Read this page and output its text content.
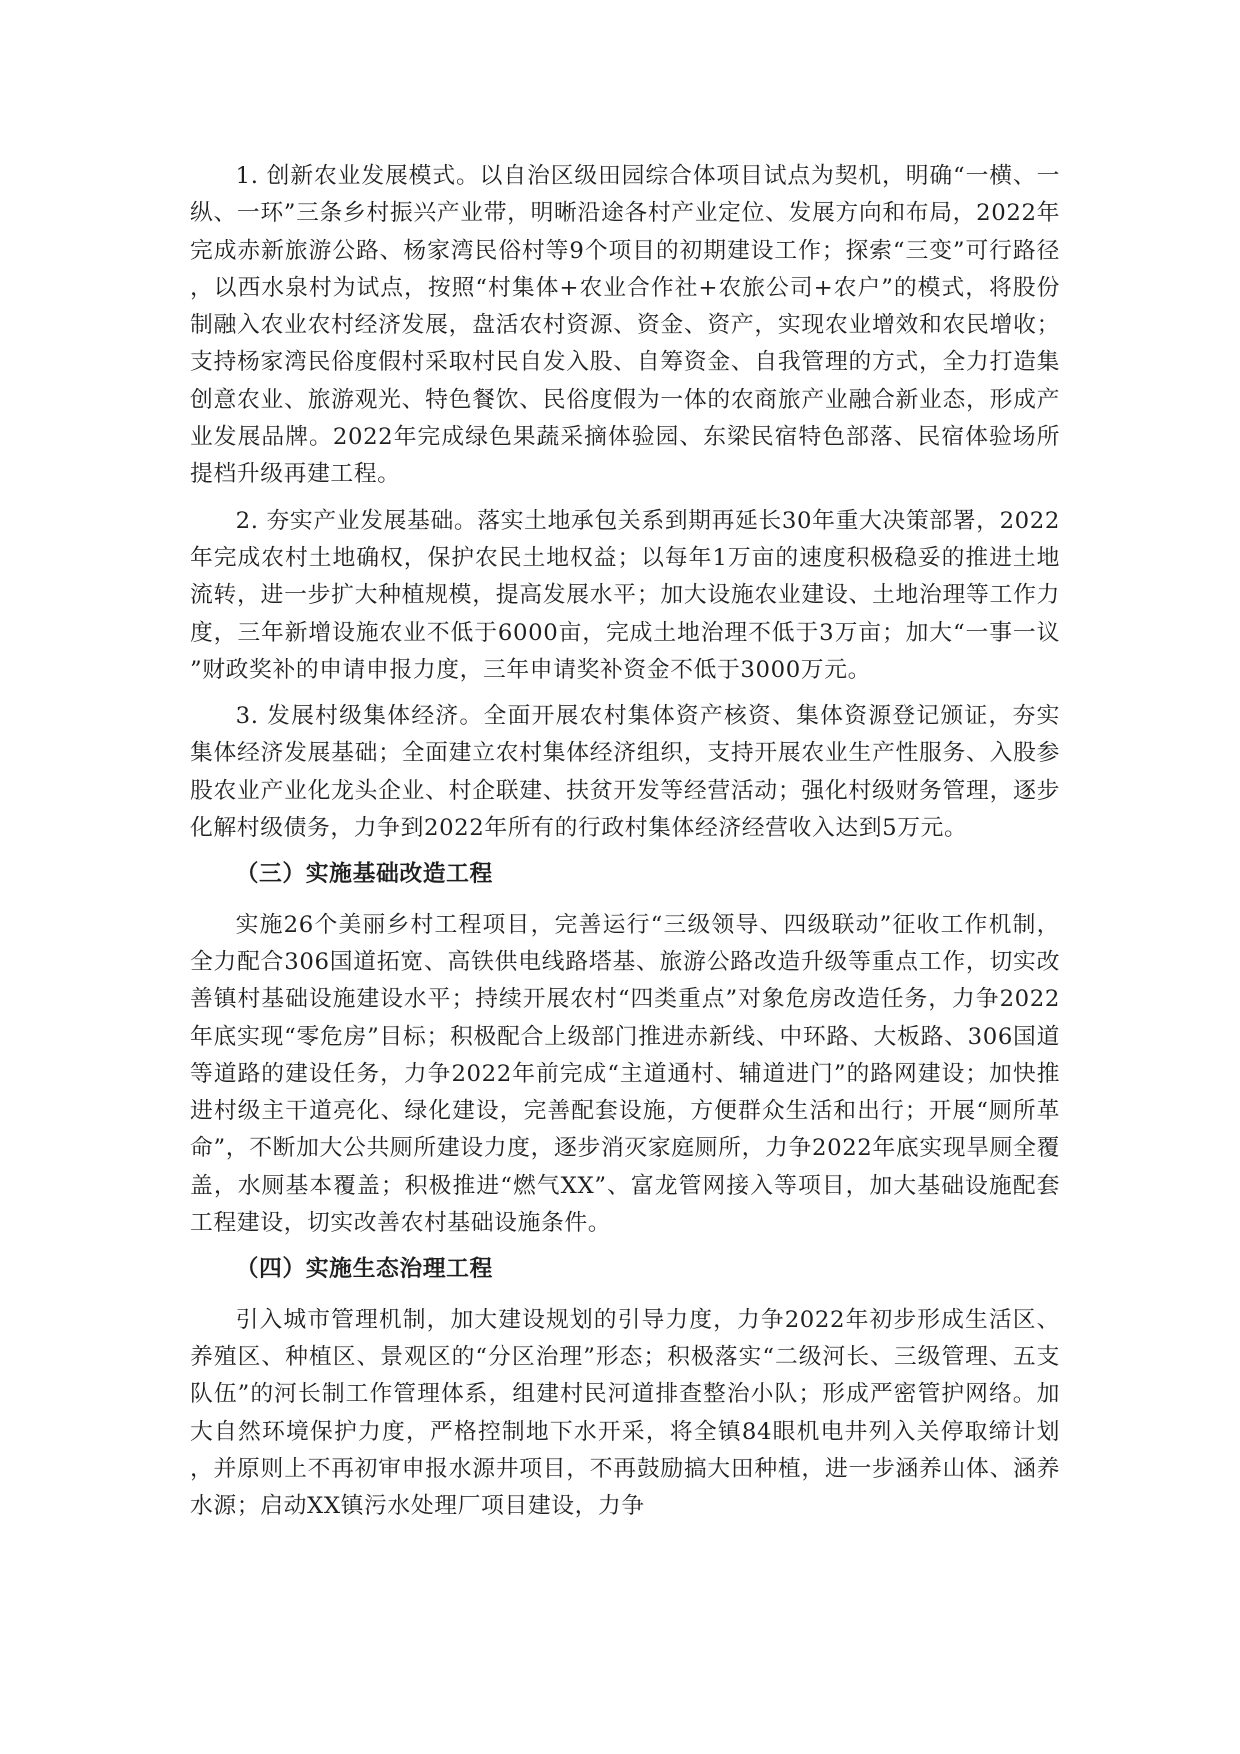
1. 创新农业发展模式。以自治区级田园综合体项目试点为契机，明确“一横、一纵、一环”三条乡村振兴产业带，明晰沿途各村产业定位、发展方向和布局，2022年完成赤新旅游公路、杨家湾民俗村等9个项目的初期建设工作；探索“三变”可行路径，以西水泉村为试点，按照“村集体+农业合作社+农旅公司+农户”的模式，将股份制融入农业农村经济发展，盘活农村资源、资金、资产，实现农业增效和农民增收；支持杨家湾民俗度假村采取村民自发入股、自筹资金、自我管理的方式，全力打造集创意农业、旅游观光、特色餐饮、民俗度假为一体的农商旅产业融合新业态，形成产业发展品牌。2022年完成绿色果蔬采摘体验园、东梁民宿特色部落、民宿体验场所提档升级再建工程。

2. 夯实产业发展基础。落实土地承包关系到期再延长30年重大决策部署，2022年完成农村土地确权，保护农民土地权益；以每年1万亩的速度积极稳妥的推进土地流转，进一步扩大种植规模，提高发展水平；加大设施农业建设、土地治理等工作力度，三年新增设施农业不低于6000亩，完成土地治理不低于3万亩；加大“一事一议”财政奖补的申请申报力度，三年申请奖补资金不低于3000万元。

3. 发展村级集体经济。全面开展农村集体资产核资、集体资源登记颁证，夯实集体经济发展基础；全面建立农村集体经济组织，支持开展农业生产性服务、入股参股农业产业化龙头企业、村企联建、扶贫开发等经营活动；强化村级财务管理，逐步化解村级债务，力争到2022年所有的行政村集体经济经营收入达到5万元。

（三）实施基础改造工程

实施26个美丽乡村工程项目，完善运行“三级领导、四级联动”征收工作机制，全力配合306国道拓宽、高铁供电线路塔基、旅游公路改造升级等重点工作，切实改善镇村基础设施建设水平；持续开展农村“四类重点”对象危房改造任务，力争2022年底实现“零危房”目标；积极配合上级部门推进赤新线、中环路、大板路、306国道等道路的建设任务，力争2022年前完成“主道通村、辅道进门”的路网建设；加快推进村级主干道亮化、绿化建设，完善配套设施，方便群众生活和出行；开展“厕所革命”，不断加大公共厕所建设力度，逐步消灭家庭厕所，力争2022年底实现旱厕全覆盖，水厕基本覆盖；积极推进“燃气XX”、富龙管网接入等项目，加大基础设施配套工程建设，切实改善农村基础设施条件。

（四）实施生态治理工程

引入城市管理机制，加大建设规划的引导力度，力争2022年初步形成生活区、养殖区、种植区、景观区的“分区治理”形态；积极落实“二级河长、三级管理、五支队伍”的河长制工作管理体系，组建村民河道排查整治小队；形成严密管护网络。加大自然环境保护力度，严格控制地下水开采，将全镇84眼机电井列入关停取缔计划，并原则上不再初审申报水源井项目，不再鼓励搞大田种植，进一步涵养山体、涵养水源；启动XX镇污水处理厂项目建设，力争
